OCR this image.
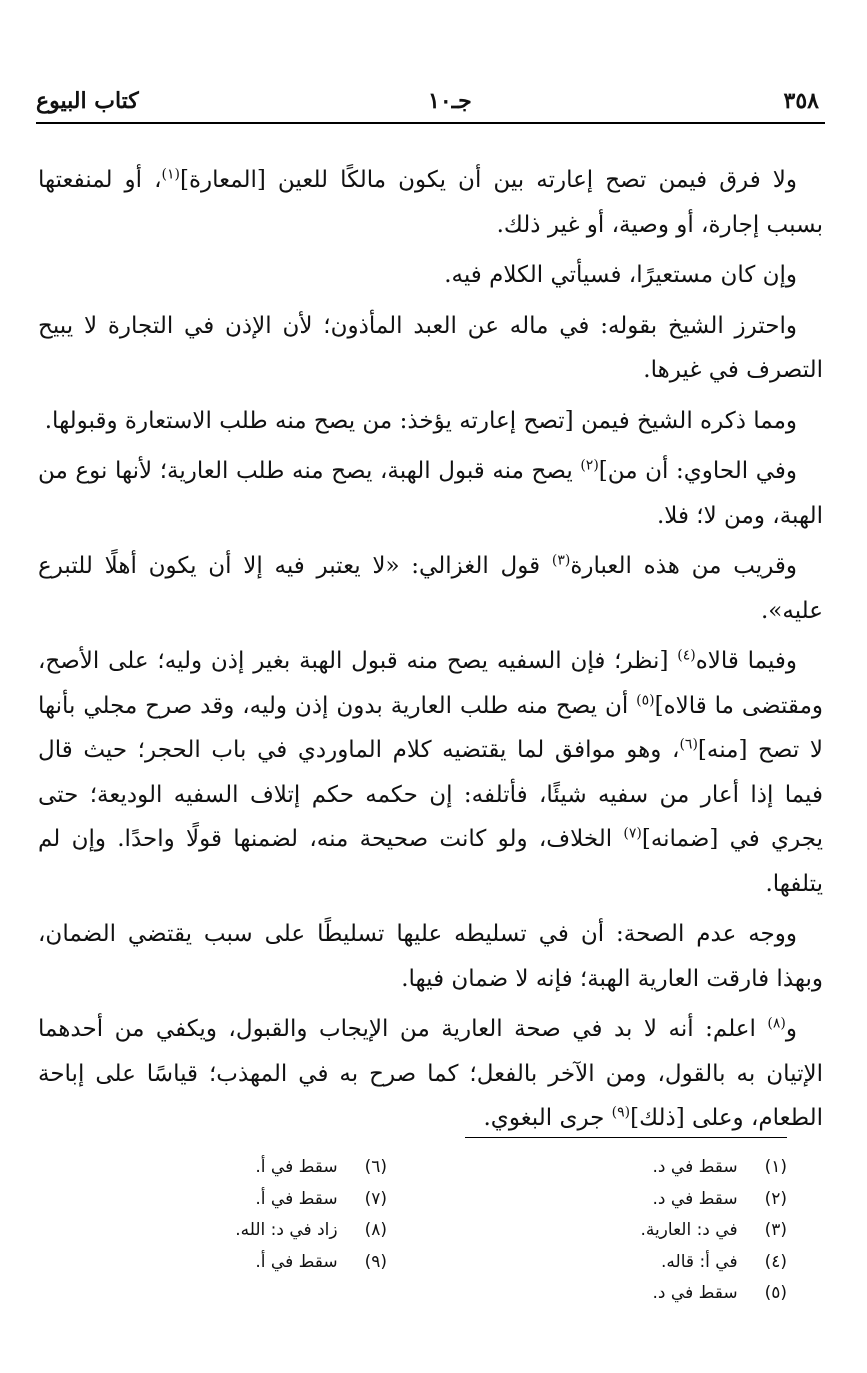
٣٥٨
جـ١٠
كتاب البيوع

ولا فرق فيمن تصح إعارته بين أن يكون مالكًا للعين [المعارة]$^{(١)}$، أو لمنفعتها بسبب إجارة، أو وصية، أو غير ذلك.

وإن كان مستعيرًا، فسيأتي الكلام فيه.

واحترز الشيخ بقوله: في ماله عن العبد المأذون؛ لأن الإذن في التجارة لا يبيح التصرف في غيرها.

ومما ذكره الشيخ فيمن [تصح إعارته يؤخذ: من يصح منه طلب الاستعارة وقبولها.

وفي الحاوي: أن من]$^{(٢)}$ يصح منه قبول الهبة، يصح منه طلب العارية؛ لأنها نوع من الهبة، ومن لا؛ فلا.

وقريب من هذه العبارة$^{(٣)}$ قول الغزالي: «لا يعتبر فيه إلا أن يكون أهلًا للتبرع عليه».

وفيما قالاه$^{(٤)}$ [نظر؛ فإن السفيه يصح منه قبول الهبة بغير إذن وليه؛ على الأصح، ومقتضى ما قالاه]$^{(٥)}$ أن يصح منه طلب العارية بدون إذن وليه، وقد صرح مجلي بأنها لا تصح [منه]$^{(٦)}$، وهو موافق لما يقتضيه كلام الماوردي في باب الحجر؛ حيث قال فيما إذا أعار من سفيه شيئًا، فأتلفه: إن حكمه حكم إتلاف السفيه الوديعة؛ حتى يجري في [ضمانه]$^{(٧)}$ الخلاف، ولو كانت صحيحة منه، لضمنها قولًا واحدًا. وإن لم يتلفها.

ووجه عدم الصحة: أن في تسليطه عليها تسليطًا على سبب يقتضي الضمان، وبهذا فارقت العارية الهبة؛ فإنه لا ضمان فيها.

و$^{(٨)}$ اعلم: أنه لا بد في صحة العارية من الإيجاب والقبول، ويكفي من أحدهما الإتيان به بالقول، ومن الآخر بالفعل؛ كما صرح به في المهذب؛ قياسًا على إباحة الطعام، وعلى [ذلك]$^{(٩)}$ جرى البغوي.

(١) سقط في د.
(٢) سقط في د.
(٣) في د: العارية.
(٤) في أ: قاله.
(٥) سقط في د.
(٦) سقط في أ.
(٧) سقط في أ.
(٨) زاد في د: الله.
(٩) سقط في أ.
